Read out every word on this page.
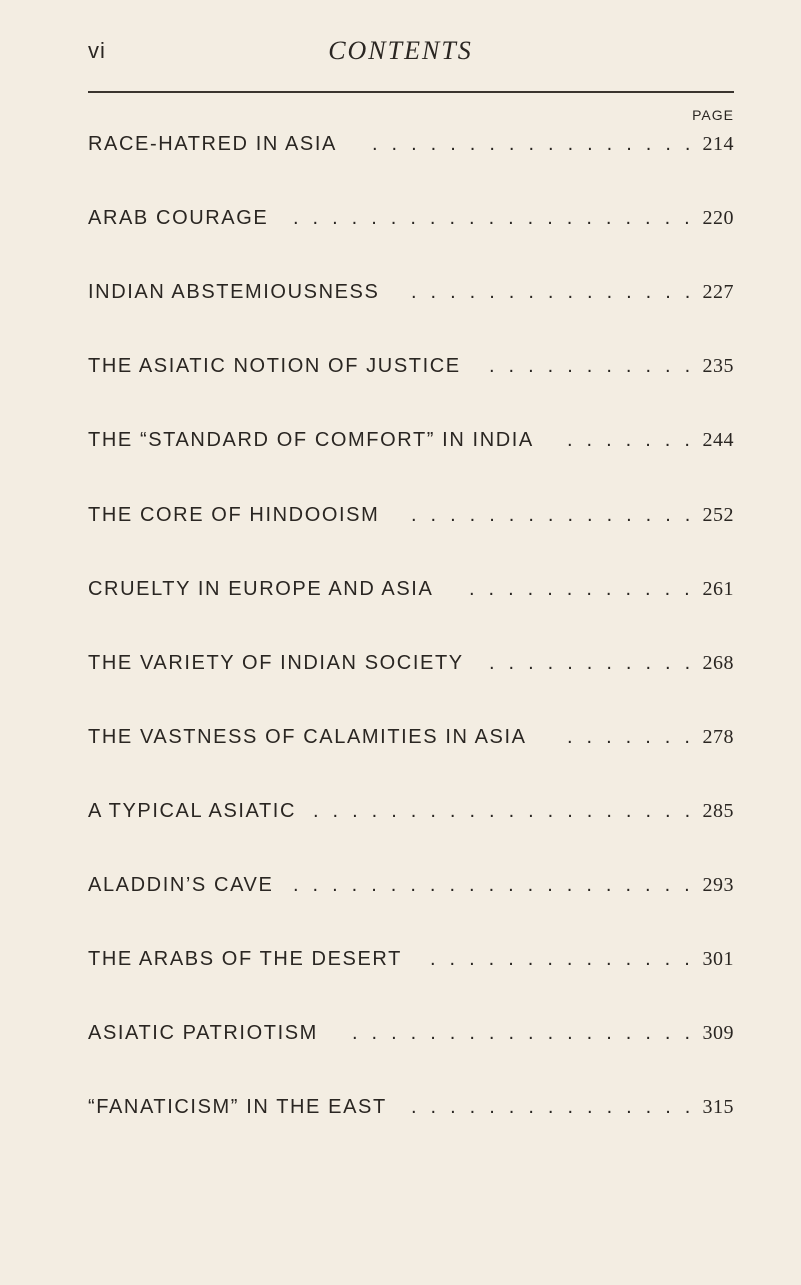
vi	CONTENTS
PAGE
RACE-HATRED IN ASIA .................
214
ARAB COURAGE .....................
220
INDIAN ABSTEMIOUSNESS ...............
227
THE ASIATIC NOTION OF JUSTICE ...........
235
THE “STANDARD OF COMFORT” IN INDIA .......
244
THE CORE OF HINDOOISM ...............
252
CRUELTY IN EUROPE AND ASIA ............
261
THE VARIETY OF INDIAN SOCIETY ...........
268
THE VASTNESS OF CALAMITIES IN ASIA .......
278
A TYPICAL ASIATIC ....................
285
ALADDIN’S CAVE .....................
293
THE ARABS OF THE DESERT ..............
301
ASIATIC PATRIOTISM ..................
309
“FANATICISM” IN THE EAST ...............
315
